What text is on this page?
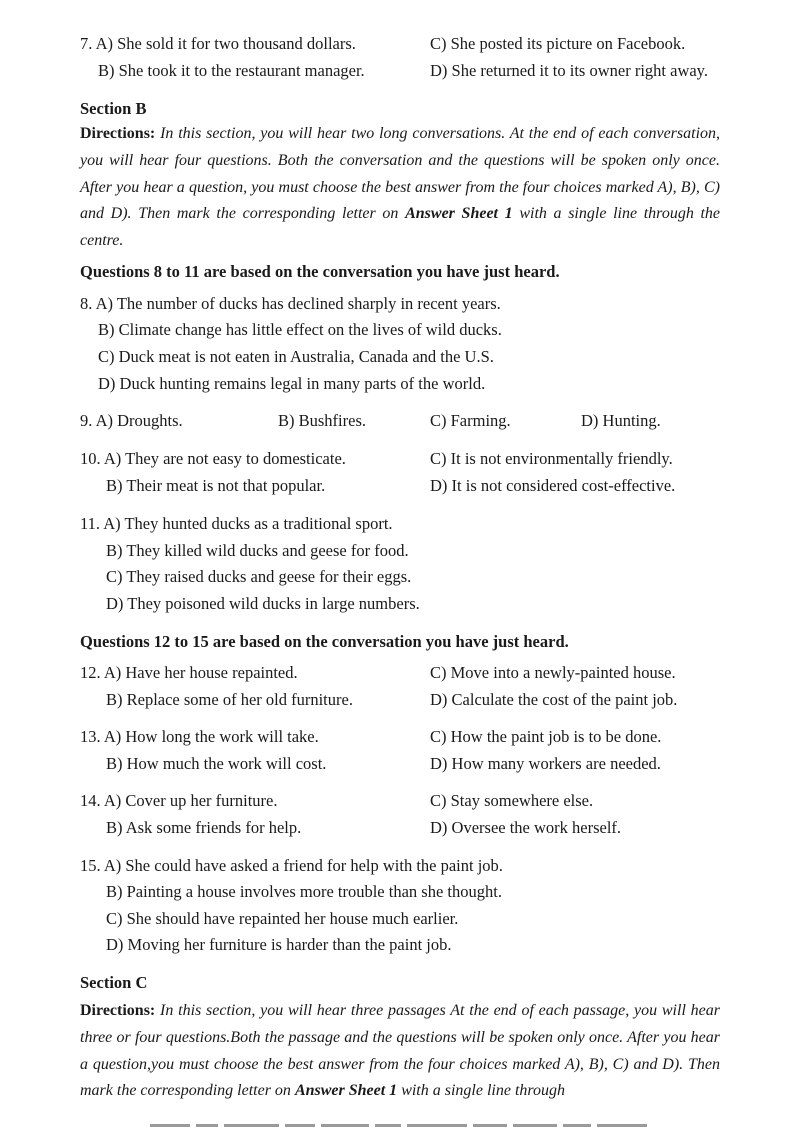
7. A) She sold it for two thousand dollars.	C) She posted its picture on Facebook.
B) She took it to the restaurant manager.	D) She returned it to its owner right away.
Section B
Directions: In this section, you will hear two long conversations. At the end of each conversation, you will hear four questions. Both the conversation and the questions will be spoken only once. After you hear a question, you must choose the best answer from the four choices marked A), B), C) and D). Then mark the corresponding letter on Answer Sheet 1 with a single line through the centre.
Questions 8 to 11 are based on the conversation you have just heard.
8. A) The number of ducks has declined sharply in recent years.
B) Climate change has little effect on the lives of wild ducks.
C) Duck meat is not eaten in Australia, Canada and the U.S.
D) Duck hunting remains legal in many parts of the world.
9. A) Droughts.	B) Bushfires.	C) Farming.	D) Hunting.
10. A) They are not easy to domesticate.	C) It is not environmentally friendly.
B) Their meat is not that popular.	D) It is not considered cost-effective.
11. A) They hunted ducks as a traditional sport.
B) They killed wild ducks and geese for food.
C) They raised ducks and geese for their eggs.
D) They poisoned wild ducks in large numbers.
Questions 12 to 15 are based on the conversation you have just heard.
12. A) Have her house repainted.	C) Move into a newly-painted house.
B) Replace some of her old furniture.	D) Calculate the cost of the paint job.
13. A) How long the work will take.	C) How the paint job is to be done.
B) How much the work will cost.	D) How many workers are needed.
14. A) Cover up her furniture.	C) Stay somewhere else.
B) Ask some friends for help.	D) Oversee the work herself.
15. A) She could have asked a friend for help with the paint job.
B) Painting a house involves more trouble than she thought.
C) She should have repainted her house much earlier.
D) Moving her furniture is harder than the paint job.
Section C
Directions: In this section, you will hear three passages At the end of each passage, you will hear three or four questions.Both the passage and the questions will be spoken only once. After you hear a question,you must choose the best answer from the four choices marked A), B), C) and D). Then mark the corresponding letter on Answer Sheet 1 with a single line through
